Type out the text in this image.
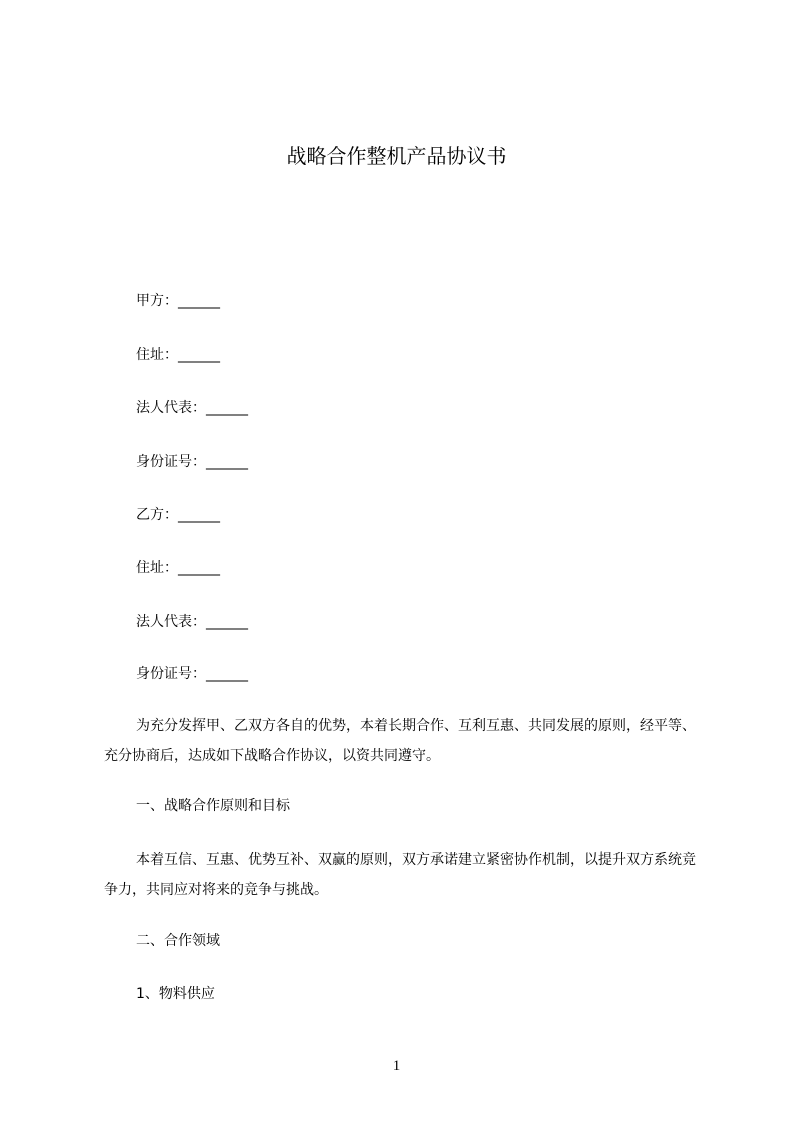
战略合作整机产品协议书
甲方：______
住址：______
法人代表：______
身份证号：______
乙方：______
住址：______
法人代表：______
身份证号：______

为充分发挥甲、乙双方各自的优势，本着长期合作、互利互惠、共同发展的原则，经平等、充分协商后，达成如下战略合作协议，以资共同遵守。

一、战略合作原则和目标

本着互信、互惠、优势互补、双赢的原则，双方承诺建立紧密协作机制，以提升双方系统竞争力，共同应对将来的竞争与挑战。

二、合作领域
1、物料供应
1
